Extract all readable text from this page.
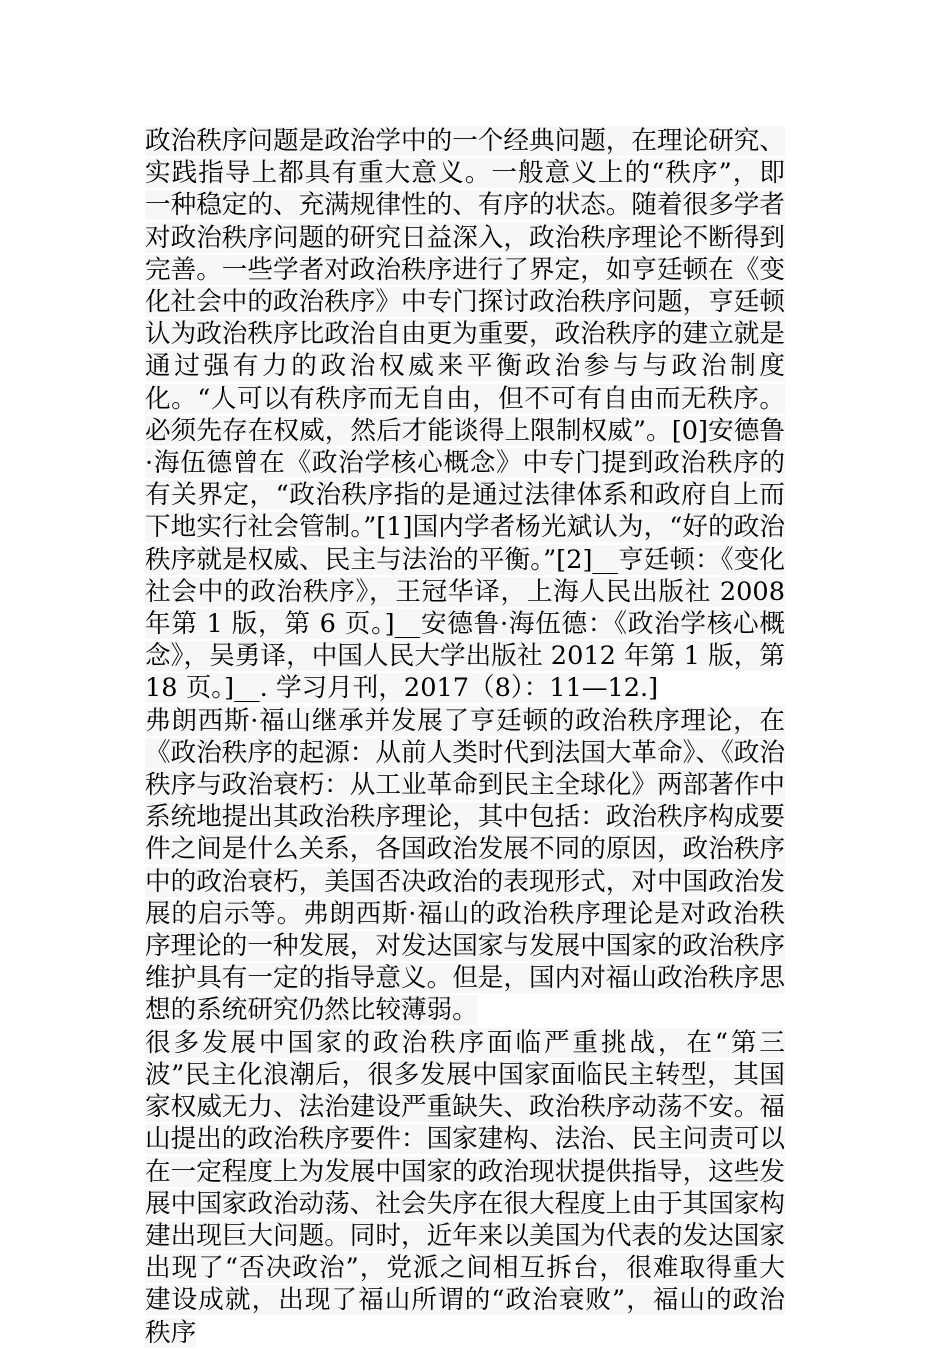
政治秩序问题是政治学中的一个经典问题，在理论研究、实践指导上都具有重大意义。一般意义上的“秩序”，即一种稳定的、充满规律性的、有序的状态。随着很多学者对政治秩序问题的研究日益深入，政治秩序理论不断得到完善。一些学者对政治秩序进行了界定，如亨廷顿在《变化社会中的政治秩序》中专门探讨政治秩序问题，亨廷顿认为政治秩序比政治自由更为重要，政治秩序的建立就是通过强有力的政治权威来平衡政治参与与政治制度化。“人可以有秩序而无自由，但不可有自由而无秩序。必须先存在权威，然后才能谈得上限制权威”。[0]安德鲁·海伍德曾在《政治学核心概念》中专门提到政治秩序的有关界定，“政治秩序指的是通过法律体系和政府自上而下地实行社会管制。”[1]国内学者杨光斌认为，“好的政治秩序就是权威、民主与法治的平衡。”[2]__亨廷顿：《变化社会中的政治秩序》，王冠华译，上海人民出版社 2008 年第 1 版，第 6 页。]__安德鲁·海伍德：《政治学核心概念》，吴勇译，中国人民大学出版社 2012 年第 1 版，第 18 页。]__. 学习月刊，2017（8）：11—12.]

弗朗西斯·福山继承并发展了亨廷顿的政治秩序理论，在《政治秩序的起源：从前人类时代到法国大革命》、《政治秩序与政治衰朽：从工业革命到民主全球化》两部著作中系统地提出其政治秩序理论，其中包括：政治秩序构成要件之间是什么关系，各国政治发展不同的原因，政治秩序中的政治衰朽，美国否决政治的表现形式，对中国政治发展的启示等。弗朗西斯·福山的政治秩序理论是对政治秩序理论的一种发展，对发达国家与发展中国家的政治秩序维护具有一定的指导意义。但是，国内对福山政治秩序思想的系统研究仍然比较薄弱。

很多发展中国家的政治秩序面临严重挑战，在“第三波”民主化浪潮后，很多发展中国家面临民主转型，其国家权威无力、法治建设严重缺失、政治秩序动荡不安。福山提出的政治秩序要件：国家建构、法治、民主问责可以在一定程度上为发展中国家的政治现状提供指导，这些发展中国家政治动荡、社会失序在很大程度上由于其国家构建出现巨大问题。同时，近年来以美国为代表的发达国家出现了“否决政治”，党派之间相互拆台，很难取得重大建设成就，出现了福山所谓的“政治衰败”，福山的政治秩序
